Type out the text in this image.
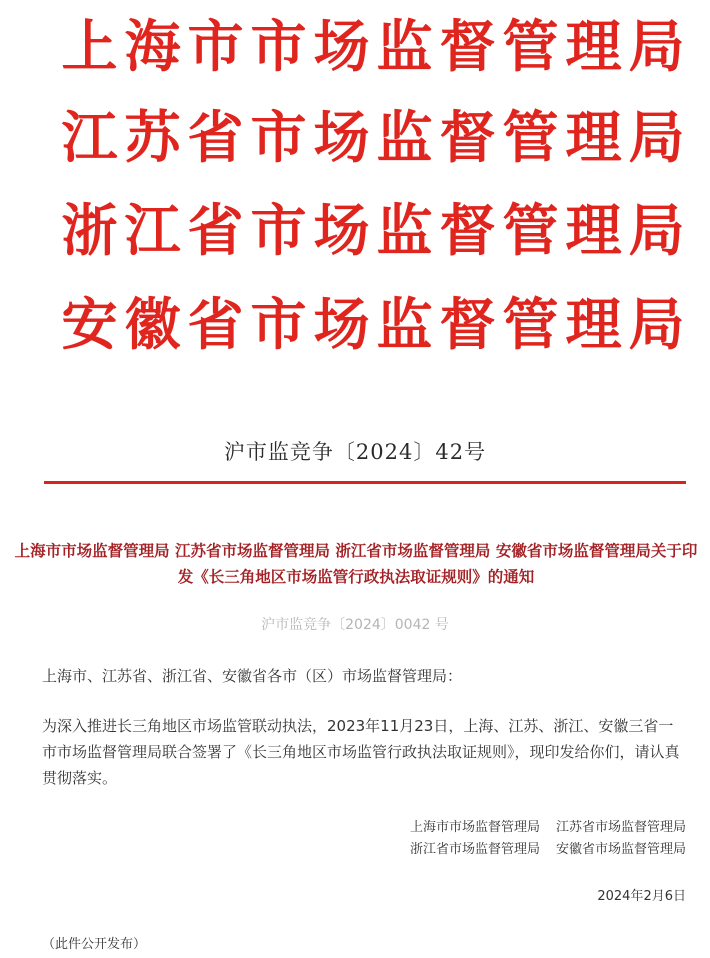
上 海 市 市 场 监 督 管 理 局
江 苏 省 市 场 监 督 管 理 局
浙 江 省 市 场 监 督 管 理 局
安 徽 省 市 场 监 督 管 理 局
沪市监竞争〔2024〕42号
上海市市场监督管理局 江苏省市场监督管理局 浙江省市场监督管理局 安徽省市场监督管理局关于印发《长三角地区市场监管行政执法取证规则》的通知
沪市监竞争〔2024〕0042 号
上海市、江苏省、浙江省、安徽省各市（区）市场监督管理局：
为深入推进长三角地区市场监管联动执法，2023年11月23日，上海、江苏、浙江、安徽三省一市市场监督管理局联合签署了《长三角地区市场监管行政执法取证规则》，现印发给你们，请认真贯彻落实。
上海市市场监督管理局 江苏省市场监督管理局
浙江省市场监督管理局 安徽省市场监督管理局
2024年2月6日
（此件公开发布）
